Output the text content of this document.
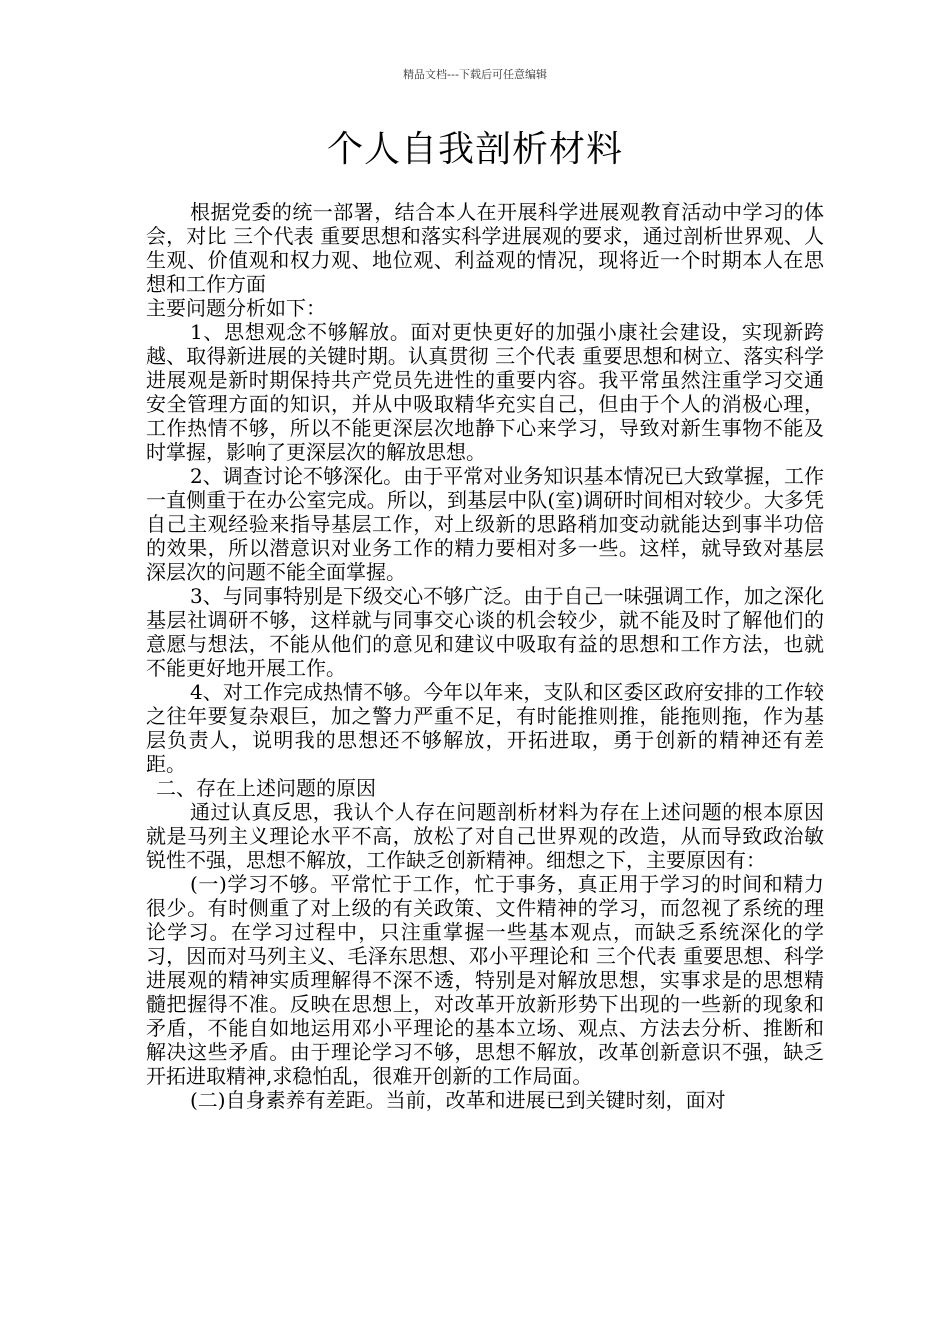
精品文档---下载后可任意编辑
个人自我剖析材料

根据党委的统一部署，结合本人在开展科学进展观教育活动中学习的体会，对比 三个代表 重要思想和落实科学进展观的要求，通过剖析世界观、人生观、价值观和权力观、地位观、利益观的情况，现将近一个时期本人在思想和工作方面

主要问题分析如下：

1、思想观念不够解放。面对更快更好的加强小康社会建设，实现新跨越、取得新进展的关键时期。认真贯彻 三个代表 重要思想和树立、落实科学进展观是新时期保持共产党员先进性的重要内容。我平常虽然注重学习交通安全管理方面的知识，并从中吸取精华充实自己，但由于个人的消极心理，工作热情不够，所以不能更深层次地静下心来学习，导致对新生事物不能及时掌握，影响了更深层次的解放思想。

2、调查讨论不够深化。由于平常对业务知识基本情况已大致掌握，工作一直侧重于在办公室完成。所以，到基层中队(室)调研时间相对较少。大多凭自己主观经验来指导基层工作，对上级新的思路稍加变动就能达到事半功倍的效果，所以潜意识对业务工作的精力要相对多一些。这样，就导致对基层深层次的问题不能全面掌握。

3、与同事特别是下级交心不够广泛。由于自己一味强调工作，加之深化基层社调研不够，这样就与同事交心谈的机会较少，就不能及时了解他们的意愿与想法，不能从他们的意见和建议中吸取有益的思想和工作方法，也就不能更好地开展工作。

4、对工作完成热情不够。今年以年来，支队和区委区政府安排的工作较之往年要复杂艰巨，加之警力严重不足，有时能推则推，能拖则拖，作为基层负责人，说明我的思想还不够解放，开拓进取，勇于创新的精神还有差距。

二、存在上述问题的原因

通过认真反思，我认个人存在问题剖析材料为存在上述问题的根本原因就是马列主义理论水平不高，放松了对自己世界观的改造，从而导致政治敏锐性不强，思想不解放，工作缺乏创新精神。细想之下，主要原因有：

(一)学习不够。平常忙于工作，忙于事务，真正用于学习的时间和精力很少。有时侧重了对上级的有关政策、文件精神的学习，而忽视了系统的理论学习。在学习过程中，只注重掌握一些基本观点，而缺乏系统深化的学习，因而对马列主义、毛泽东思想、邓小平理论和 三个代表 重要思想、科学进展观的精神实质理解得不深不透，特别是对解放思想，实事求是的思想精髓把握得不准。反映在思想上，对改革开放新形势下出现的一些新的现象和矛盾，不能自如地运用邓小平理论的基本立场、观点、方法去分析、推断和解决这些矛盾。由于理论学习不够，思想不解放，改革创新意识不强，缺乏开拓进取精神,求稳怕乱，很难开创新的工作局面。

(二)自身素养有差距。当前，改革和进展已到关键时刻，面对
